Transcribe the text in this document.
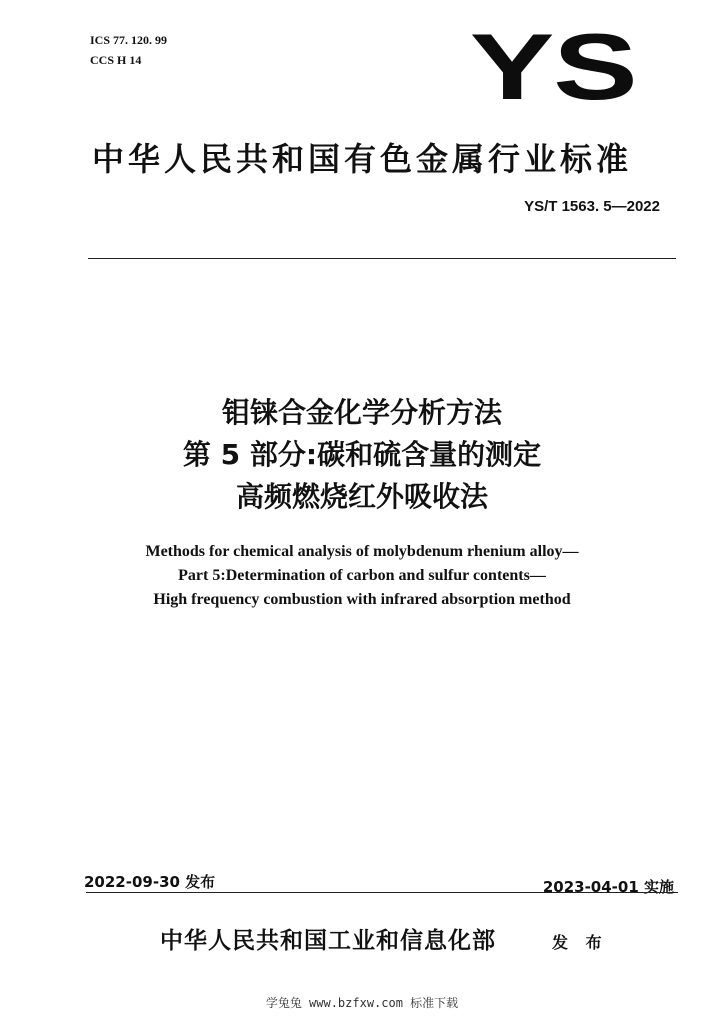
ICS 77. 120. 99
CCS H 14	YS
中华人民共和国有色金属行业标准
YS/T 1563. 5—2022
钼铼合金化学分析方法
第 5 部分:碳和硫含量的测定
高频燃烧红外吸收法
Methods for chemical analysis of molybdenum rhenium alloy—
Part 5:Determination of carbon and sulfur contents—
High frequency combustion with infrared absorption method
2022-09-30 发布	2023-04-01 实施
中华人民共和国工业和信息化部	发 布
学兔兔 www.bzfxw.com 标准下载
